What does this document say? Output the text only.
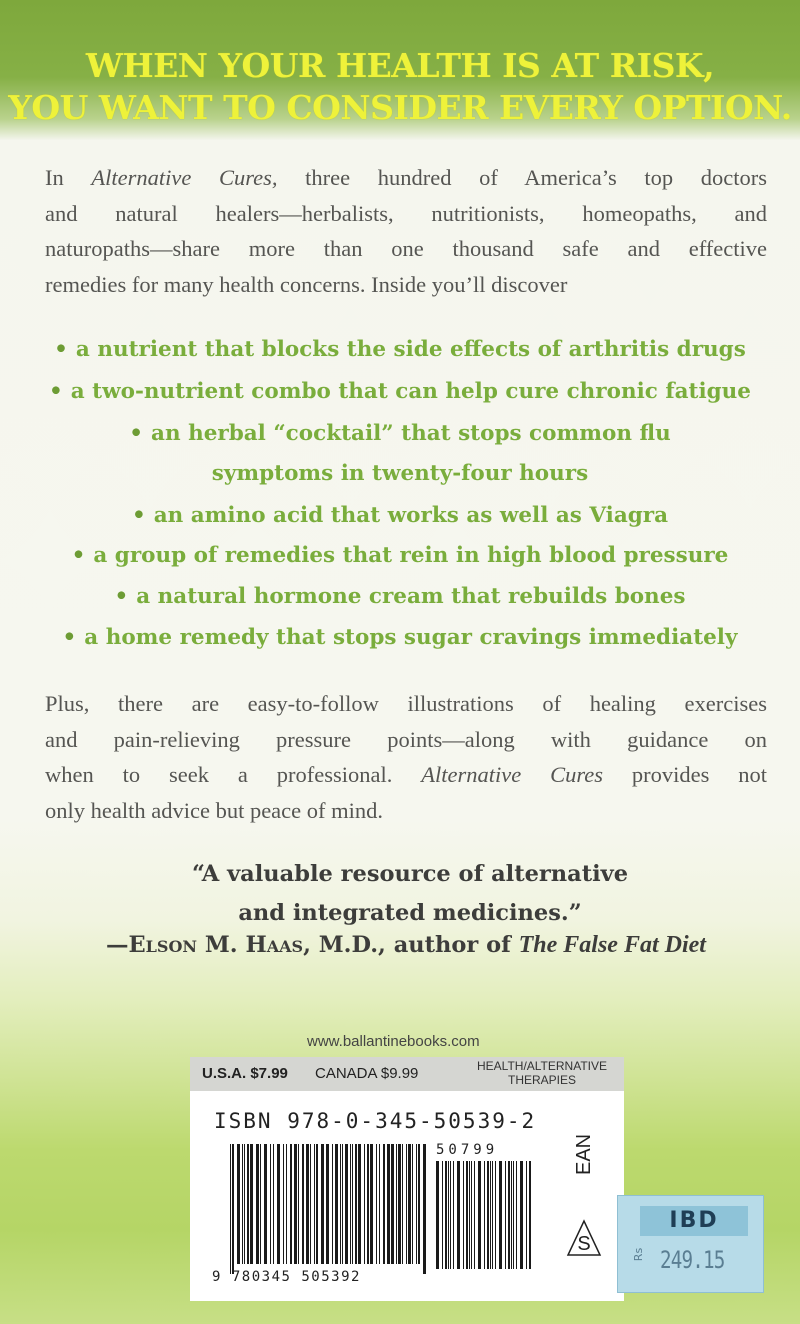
WHEN YOUR HEALTH IS AT RISK,

YOU WANT TO CONSIDER EVERY OPTION.

In Alternative Cures, three hundred of America’s top doctors
and natural healers—herbalists, nutritionists, homeopaths, and
naturopaths—share more than one thousand safe and effective
remedies for many health concerns. Inside you’ll discover

• a nutrient that blocks the side effects of arthritis drugs
• a two-nutrient combo that can help cure chronic fatigue
• an herbal “cocktail” that stops common flu
symptoms in twenty-four hours
• an amino acid that works as well as Viagra
• a group of remedies that rein in high blood pressure
• a natural hormone cream that rebuilds bones
• a home remedy that stops sugar cravings immediately

Plus, there are easy-to-follow illustrations of healing exercises
and pain-relieving pressure points—along with guidance on
when to seek a professional. Alternative Cures provides not
only health advice but peace of mind.

“A valuable resource of alternative
and integrated medicines.”
—Elson M. Haas, M.D., author of The False Fat Diet
www.ballantinebooks.com
U.S.A. $7.99 CANADA $9.99	HEALTH/ALTERNATIVE
THERAPIES
ISBN 978-0-345-50539-2
9 780345 505392
50799	EAN
S
IBD
Rs 249.15
